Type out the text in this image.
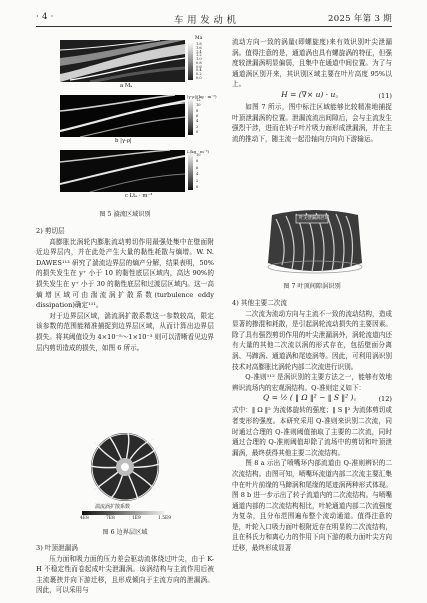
· 4 ·	车 用 发 动 机	2025 年第 3 期
a Mₐ
b |γ-ρ|
c Ltₐ · m⁻³
Ma
1.8
1.6
1.4
1.2
1.0
0.8
0.6
0.4
0.2
0.0
12
10
8
6
4
2
0
10
8
6
4
2
0
|γ-ρ|/(kg · m⁻³)
L(kg · m⁻³)
图 5 漩流区域识别

2) 剪切层

高膨胀比涡轮内膨胀流动剪切作用最强处集中在壁面附近边界层内，并在此处产生大量的黏性耗散与熵增。W. N. DAWES¹¹³ 研究了湍流边界层的熵产分解，结果表明，50%的损失发生在 y⁺ 小于 10 的黏性底层区域内，高达 90%的损失发生在 y⁺ 小于 30 的黏性底层和过渡层区域内。这一高熵增区域可由湍流涡扩散系数(turbulence eddy dissipation)确定¹¹¹。

对于边界层区域，湍流涡扩散系数这一参数较高，限定该参数的范围能精准捕捉到边界层区域，从而计算出边界层损失。将其阈值设为 4×10⁻⁵～1×10⁻³ 则可以清晰看见边界层内剪切造成的损失，如图 6 所示。

湍流涡扩散系数
4E8	7E8	1E9	1.5E9
图 6 边界层区域

3) 叶顶泄漏涡

压力面和吸力面的压力差会驱动流体绕过叶尖，由于 K-H 不稳定性而卷起成叶尖泄漏涡。该涡结构与主流作用后被主流裹挟并向下游迁移，且形成倾向于主流方向的泄漏涡。因此，可以采用与

流动方向一致的涡量(即螺旋度)来有效识别叶尖泄漏涡。值得注意的是，通道涡也具有螺旋涡的特征，但强度较泄漏涡明显偏弱，且集中在通道中间位置。为了与通道涡区别开来，其识别区域主要在叶片高度 95%以上。

H = (∇× u) · u。	(11)

如图 7 所示，图中标注区域能够比较精准地捕捉叶顶泄漏涡的位置。泄漏流流出间隙后，会与主流发生强烈干涉，进而在转子叶片吸力面形成泄漏涡，并在主流的推动下，随主流一起沿轴向方向向下游输运。

叶尖泄漏涡区域
图 7 叶顶间隙涡识别

4) 其他主要二次流

二次流为流动方向与主流不一致的流动结构，造成显著的掺混和耗散，是引起涡轮流动损失的主要因素。除了具有强烈剪切作用的叶尖泄漏涡外，涡轮流道内还有大量的其他二次流以涡的形式存在，包括壁面分离涡、马蹄涡、通道涡和尾迹涡等。因此，可利用涡识别技术对高膨胀比涡轮内部二次流进行识别。

Q-准则¹¹² 是涡识别的主要方法之一，能够有效地辨识流场内的宏观涡结构。Q-准则定义如下：

Q = ½ ( ‖ Ω ‖² − ‖ S ‖² )。	(12)

式中：‖ Ω ‖² 为流体旋转的强度；‖ S ‖² 为流体剪切或者变形的强度。本研究采用 Q-准则来识别二次流，同时通过合理的 Q-准则阈值抽取了主要的二次流，同时通过合理的 Q-准则阈值却除了流场中的剪切和叶顶泄漏涡，最终获得其他主要二次流结构。

图 8 a 示出了喷嘴环内部流道由 Q-准则辨识的二次流结构。由图可知，喷嘴环流道内部二次流主要汇集中在叶片前缘的马蹄涡和尾缘的尾迹涡两种形式体现。图 8 b 进一步示出了转子流道内的二次流结构。与喷嘴通道内部的二次流结构相比，叶轮通道内部二次流强度为复杂，且分布范围遍布整个流动通道。值得注意的是，叶轮入口吸力面叶根附近存在明显的二次流结构，且在科氏力和离心力的作用下向下游的吸力面叶尖方向迁移，最终形成显著
